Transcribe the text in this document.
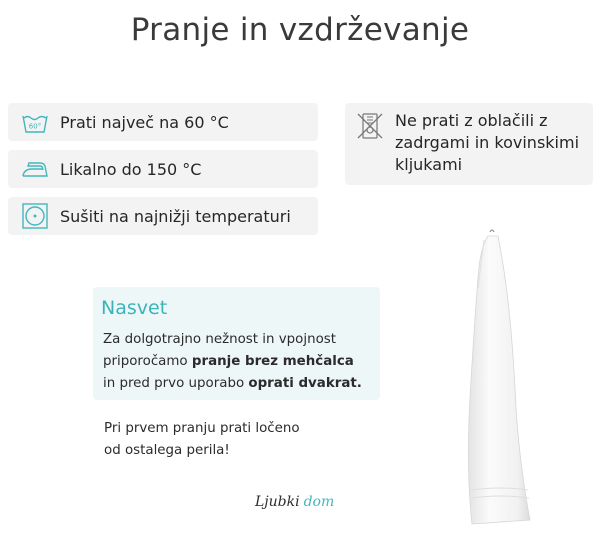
Pranje in vzdrževanje
60° Prati največ na 60 °C
Likalno do 150 °C
Sušiti na najnižji temperaturi
Ne prati z oblačili z zadrgami in kovinskimi kljukami
Nasvet
Za dolgotrajno nežnost in vpojnost
priporočamo pranje brez mehčalca
in pred prvo uporabo oprati dvakrat.
Pri prvem pranju prati ločeno
od ostalega perila!
Ljubki dom
